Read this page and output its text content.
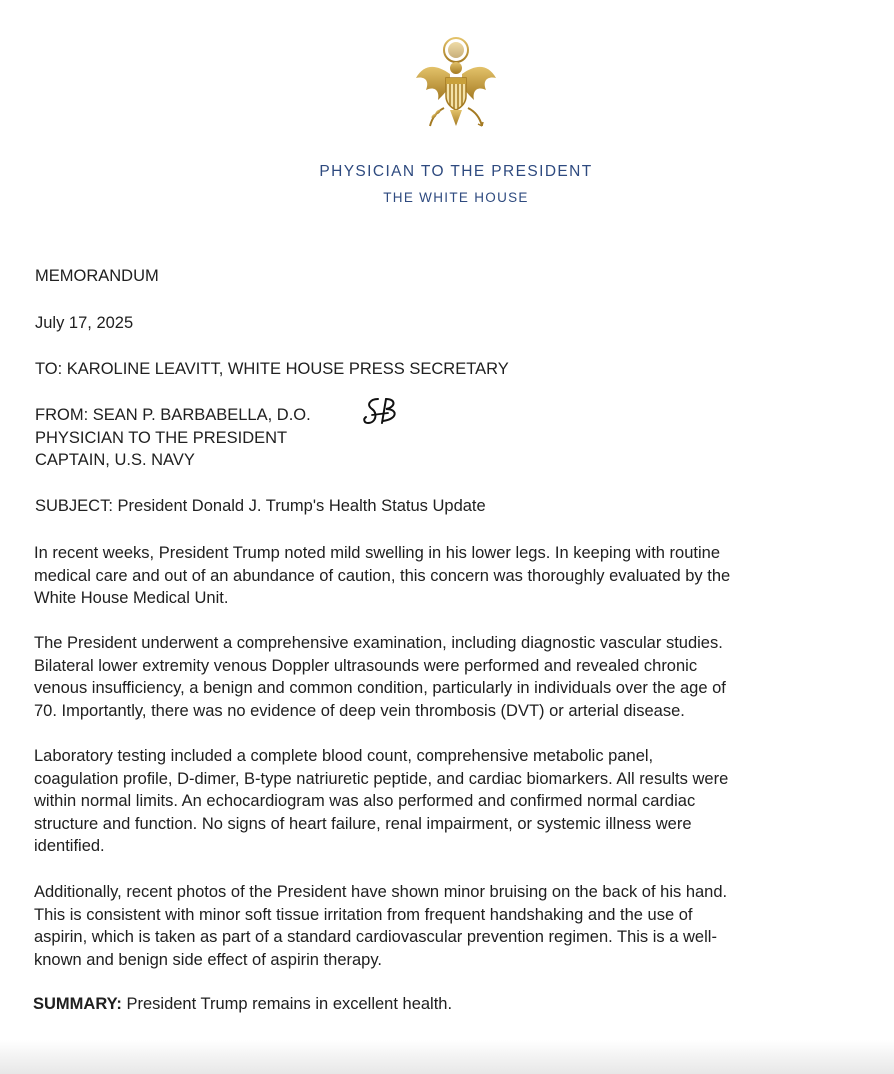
PHYSICIAN TO THE PRESIDENT
THE WHITE HOUSE
MEMORANDUM
July 17, 2025
TO: KAROLINE LEAVITT, WHITE HOUSE PRESS SECRETARY
FROM: SEAN P. BARBABELLA, D.O.
PHYSICIAN TO THE PRESIDENT
CAPTAIN, U.S. NAVY
SUBJECT: President Donald J. Trump's Health Status Update
In recent weeks, President Trump noted mild swelling in his lower legs. In keeping with routine
medical care and out of an abundance of caution, this concern was thoroughly evaluated by the
White House Medical Unit.
The President underwent a comprehensive examination, including diagnostic vascular studies.
Bilateral lower extremity venous Doppler ultrasounds were performed and revealed chronic
venous insufficiency, a benign and common condition, particularly in individuals over the age of
70. Importantly, there was no evidence of deep vein thrombosis (DVT) or arterial disease.
Laboratory testing included a complete blood count, comprehensive metabolic panel,
coagulation profile, D-dimer, B-type natriuretic peptide, and cardiac biomarkers. All results were
within normal limits. An echocardiogram was also performed and confirmed normal cardiac
structure and function. No signs of heart failure, renal impairment, or systemic illness were
identified.
Additionally, recent photos of the President have shown minor bruising on the back of his hand.
This is consistent with minor soft tissue irritation from frequent handshaking and the use of
aspirin, which is taken as part of a standard cardiovascular prevention regimen. This is a well-
known and benign side effect of aspirin therapy.
SUMMARY: President Trump remains in excellent health.
